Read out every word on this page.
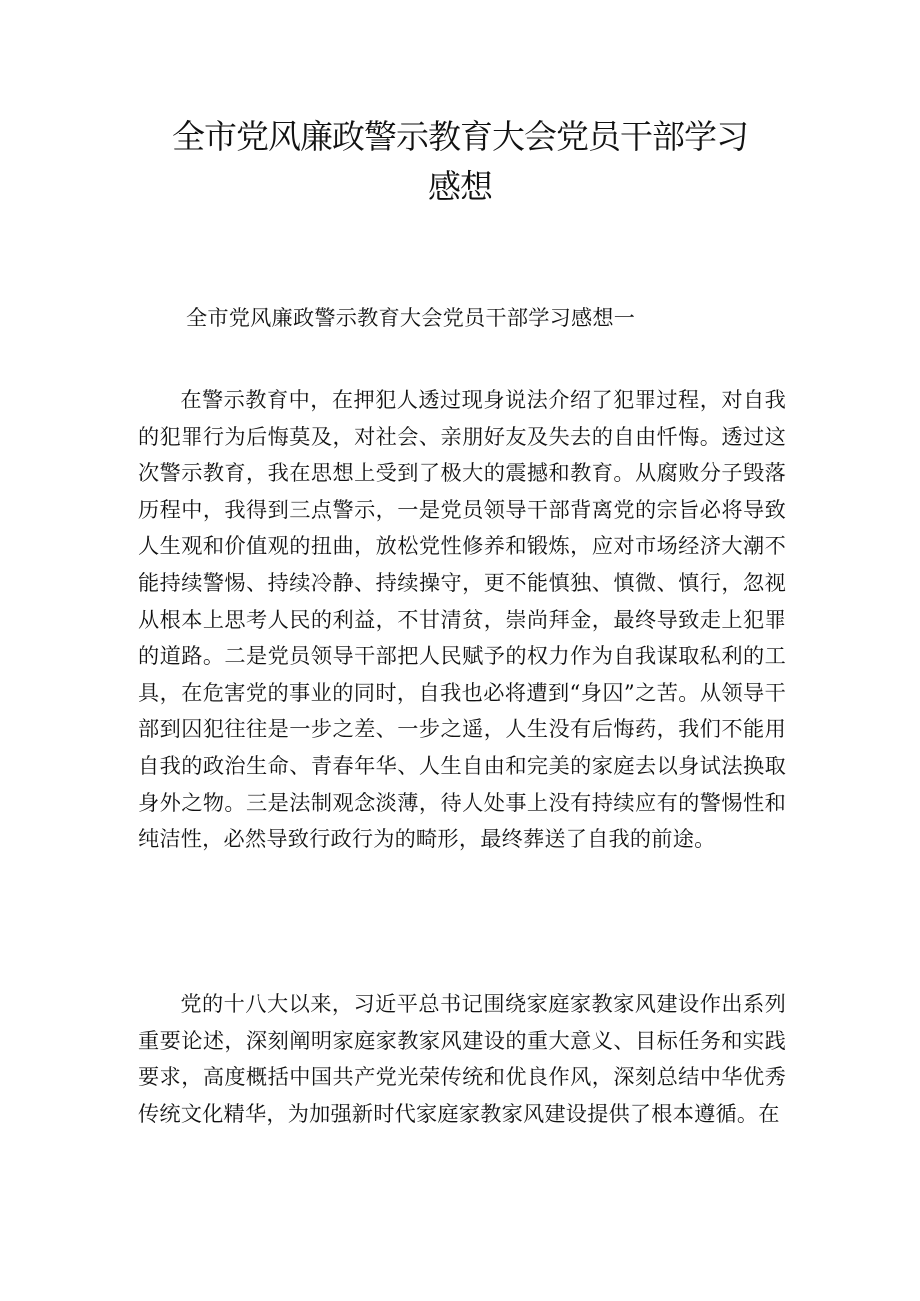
全市党风廉政警示教育大会党员干部学习
感想

全市党风廉政警示教育大会党员干部学习感想一

在警示教育中，在押犯人透过现身说法介绍了犯罪过程，对自我的犯罪行为后悔莫及，对社会、亲朋好友及失去的自由忏悔。透过这次警示教育，我在思想上受到了极大的震撼和教育。从腐败分子毁落历程中，我得到三点警示，一是党员领导干部背离党的宗旨必将导致人生观和价值观的扭曲，放松党性修养和锻炼，应对市场经济大潮不能持续警惕、持续冷静、持续操守，更不能慎独、慎微、慎行，忽视从根本上思考人民的利益，不甘清贫，崇尚拜金，最终导致走上犯罪的道路。二是党员领导干部把人民赋予的权力作为自我谋取私利的工具，在危害党的事业的同时，自我也必将遭到“身囚”之苦。从领导干部到囚犯往往是一步之差、一步之遥，人生没有后悔药，我们不能用自我的政治生命、青春年华、人生自由和完美的家庭去以身试法换取身外之物。三是法制观念淡薄，待人处事上没有持续应有的警惕性和纯洁性，必然导致行政行为的畸形，最终葬送了自我的前途。

党的十八大以来，习近平总书记围绕家庭家教家风建设作出系列重要论述，深刻阐明家庭家教家风建设的重大意义、目标任务和实践要求，高度概括中国共产党光荣传统和优良作风，深刻总结中华优秀传统文化精华，为加强新时代家庭家教家风建设提供了根本遵循。在
